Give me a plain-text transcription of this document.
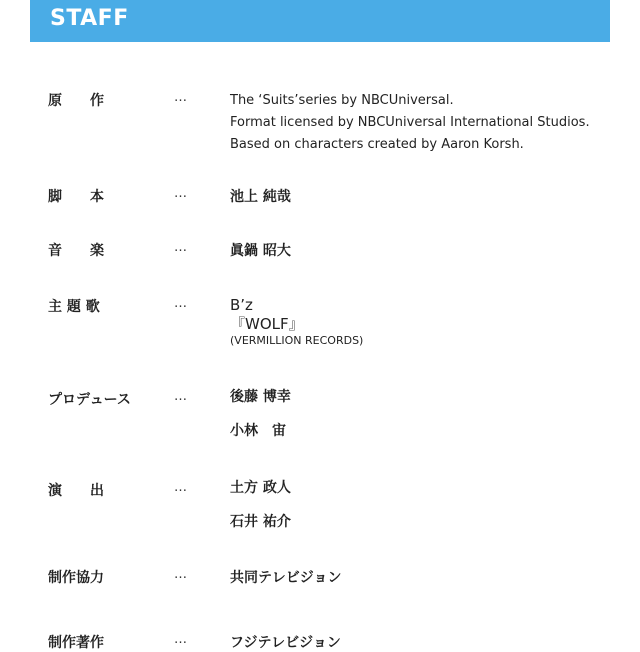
STAFF
原　　作	…	The ‘Suits’series by NBCUniversal.
Format licensed by NBCUniversal International Studios.
Based on characters created by Aaron Korsh.
脚　　本	…	池上 純哉
音　　楽	…	眞鍋 昭大
主 題 歌	…	B’z
『WOLF』
(VERMILLION RECORDS)
プロデュース	…	後藤 博幸
小林　宙
演　　出	…	土方 政人
石井 祐介
制作協力	…	共同テレビジョン
制作著作	…	フジテレビジョン
